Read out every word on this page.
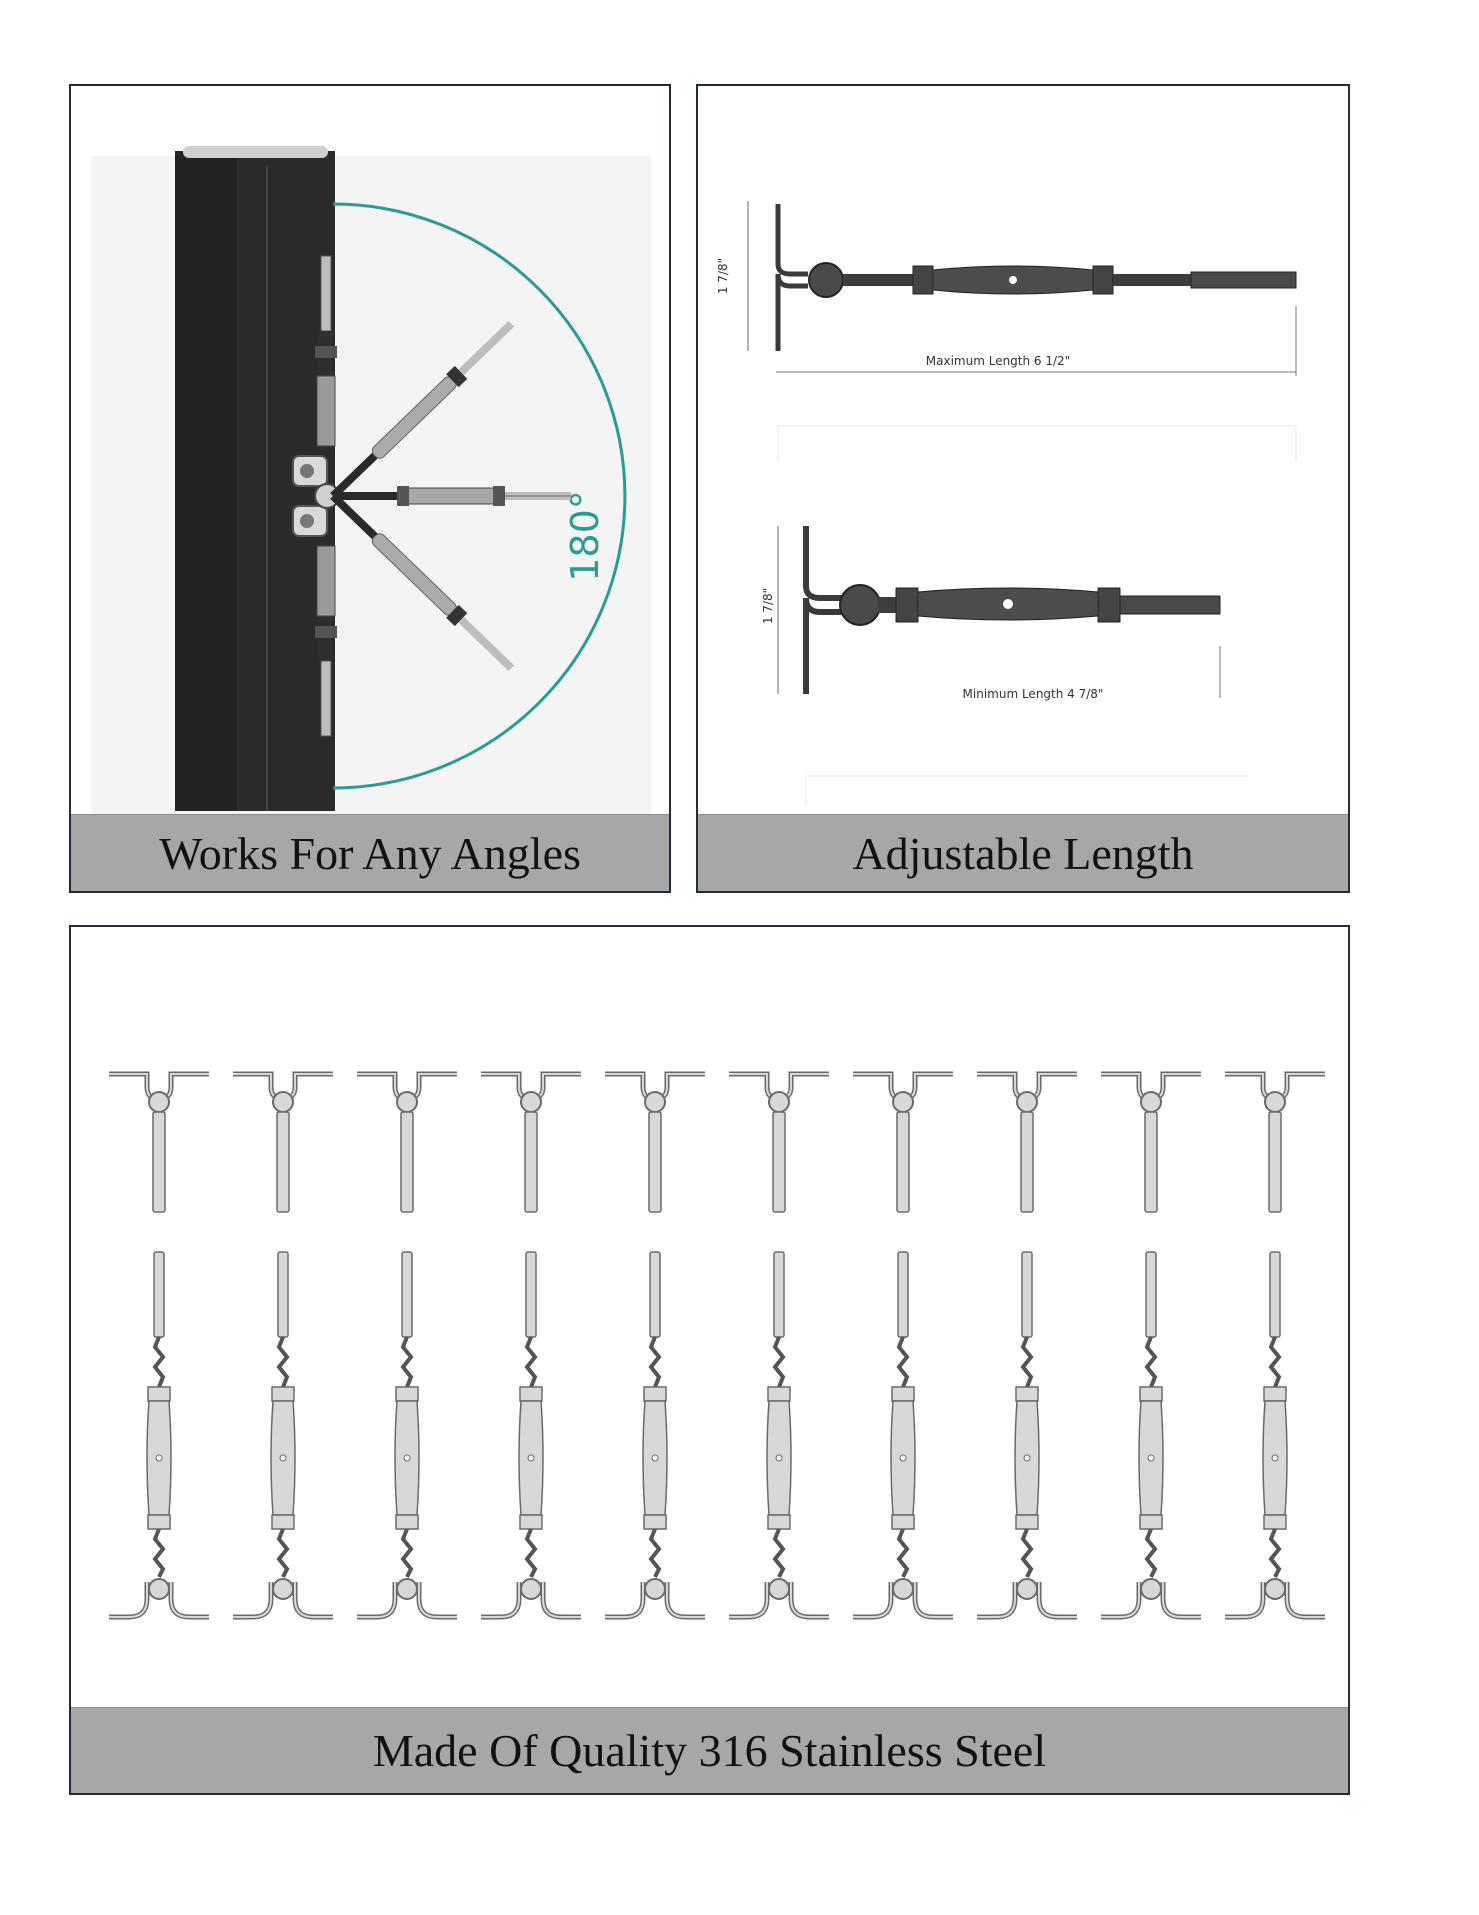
180°
Works For Any Angles
1 7/8"
Maximum Length 6 1/2"
1 7/8"
Minimum Length 4 7/8"
Adjustable Length
Made Of Quality 316 Stainless Steel
